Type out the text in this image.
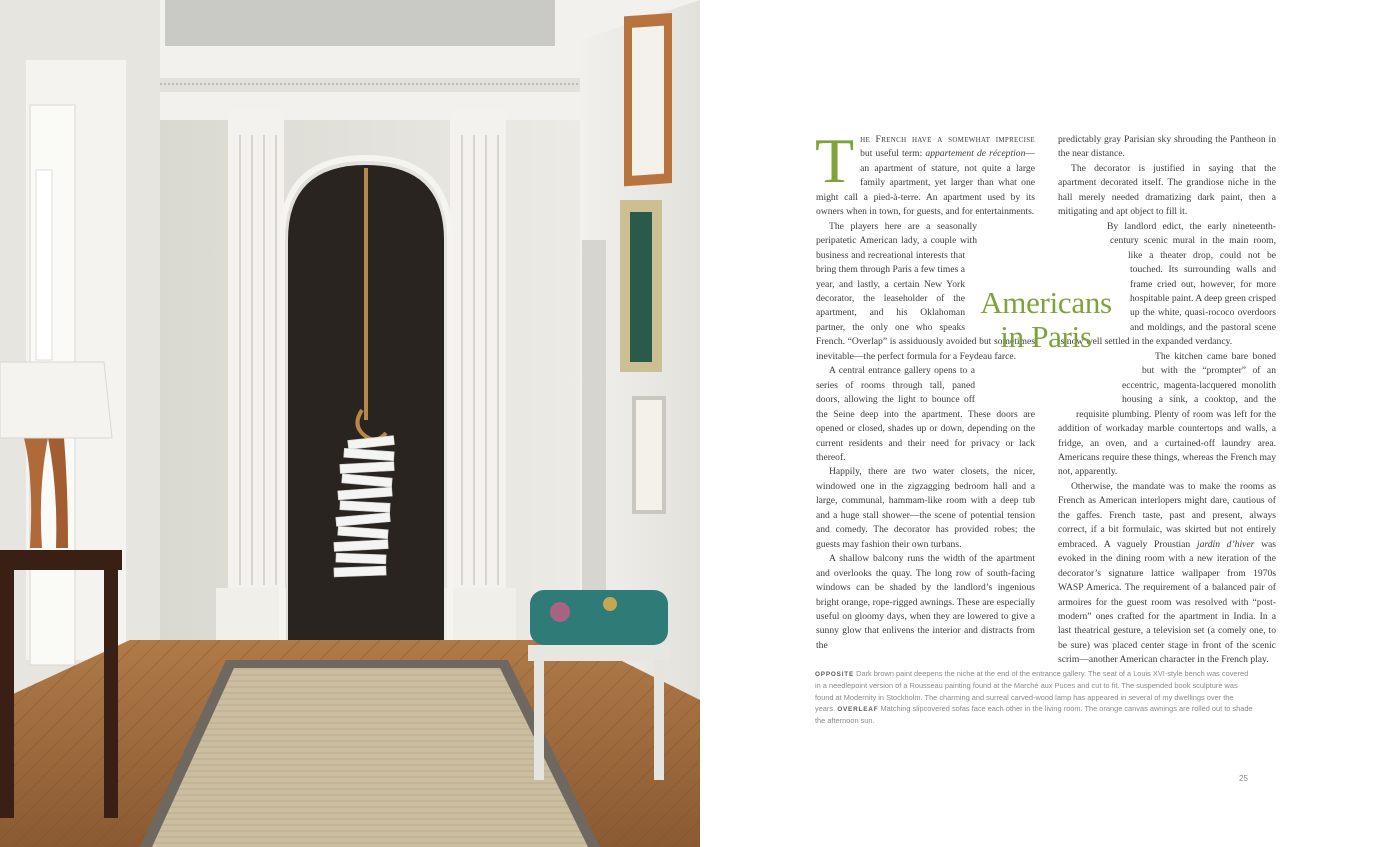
The French have a somewhat imprecise but useful term: appartement de réception—an apartment of stature, not quite a large family apartment, yet larger than what one might call a pied-à-terre. An apartment used by its owners when in town, for guests, and for entertainments.

The players here are a seasonally peripatetic American lady, a couple with business and recreational interests that bring them through Paris a few times a year, and lastly, a certain New York decorator, the leaseholder of the apartment, and his Oklahoman partner, the only one who speaks French. “Overlap” is assiduously avoided but sometimes inevitable—the perfect formula for a Feydeau farce.

A central entrance gallery opens to a series of rooms through tall, paned doors, allowing the light to bounce off the Seine deep into the apartment. These doors are opened or closed, shades up or down, depending on the current residents and their need for privacy or lack thereof.

Happily, there are two water closets, the nicer, windowed one in the zigzagging bedroom hall and a large, communal, hammam-like room with a deep tub and a huge stall shower—the scene of potential tension and comedy. The decorator has provided robes; the guests may fashion their own turbans.

A shallow balcony runs the width of the apartment and overlooks the quay. The long row of south-facing windows can be shaded by the landlord’s ingenious bright orange, rope-rigged awnings. These are especially useful on gloomy days, when they are lowered to give a sunny glow that enlivens the interior and distracts from the

predictably gray Parisian sky shrouding the Pantheon in the near distance.

The decorator is justified in saying that the apartment decorated itself. The grandiose niche in the hall merely needed dramatizing dark paint, then a mitigating and apt object to fill it.

By landlord edict, the early nineteenth-century scenic mural in the main room, like a theater drop, could not be touched. Its surrounding walls and frame cried out, however, for more hospitable paint. A deep green crisped up the white, quasi-rococo overdoors and moldings, and the pastoral scene is now well settled in the expanded verdancy.

The kitchen came bare boned but with the “prompter” of an eccentric, magenta-lacquered monolith housing a sink, a cooktop, and the requisite plumbing. Plenty of room was left for the addition of workaday marble countertops and walls, a fridge, an oven, and a curtained-off laundry area. Americans require these things, whereas the French may not, apparently.

Otherwise, the mandate was to make the rooms as French as American interlopers might dare, cautious of the gaffes. French taste, past and present, always correct, if a bit formulaic, was skirted but not entirely embraced. A vaguely Proustian jardin d’hiver was evoked in the dining room with a new iteration of the decorator’s signature lattice wallpaper from 1970s WASP America. The requirement of a balanced pair of armoires for the guest room was resolved with “post-modern” ones crafted for the apartment in India. In a last theatrical gesture, a television set (a comely one, to be sure) was placed center stage in front of the scenic scrim—another American character in the French play.

Americans
in Paris
OPPOSITE Dark brown paint deepens the niche at the end of the entrance gallery. The seat of a Louis XVI-style bench was covered in a needlepoint version of a Rousseau painting found at the Marché aux Puces and cut to fit. The suspended book sculpture was found at Modernity in Stockholm. The charming and surreal carved-wood lamp has appeared in several of my dwellings over the years. OVERLEAF Matching slipcovered sofas face each other in the living room. The orange canvas awnings are rolled out to shade the afternoon sun.
25
